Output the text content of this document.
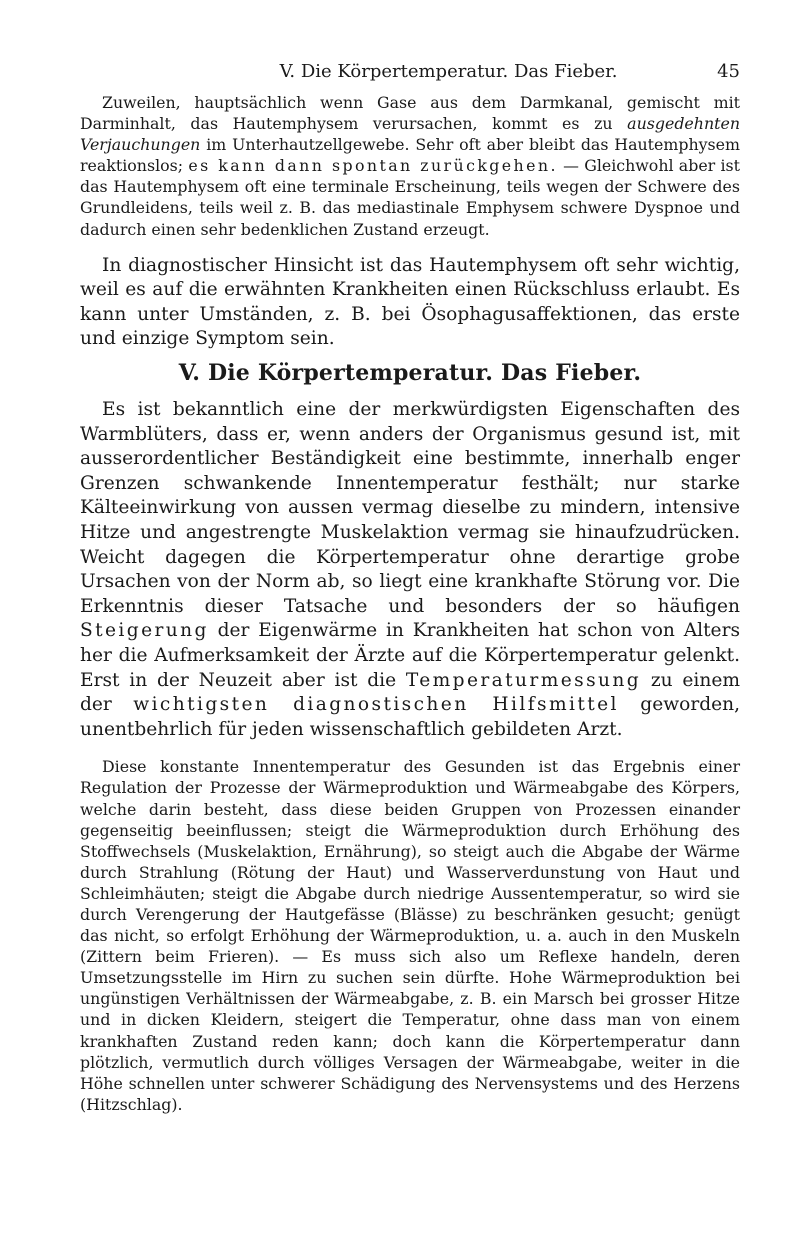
V. Die Körpertemperatur. Das Fieber.	45

Zuweilen, hauptsächlich wenn Gase aus dem Darmkanal, gemischt mit Darminhalt, das Hautemphysem verursachen, kommt es zu ausgedehnten Verjauchungen im Unterhautzellgewebe. Sehr oft aber bleibt das Hautemphysem reaktionslos; es kann dann spontan zurückgehen. — Gleichwohl aber ist das Hautemphysem oft eine terminale Erscheinung, teils wegen der Schwere des Grundleidens, teils weil z. B. das mediastinale Emphysem schwere Dyspnoe und dadurch einen sehr bedenklichen Zustand erzeugt.

In diagnostischer Hinsicht ist das Hautemphysem oft sehr wichtig, weil es auf die erwähnten Krankheiten einen Rückschluss erlaubt. Es kann unter Umständen, z. B. bei Ösophagusaffektionen, das erste und einzige Symptom sein.

V. Die Körpertemperatur. Das Fieber.

Es ist bekanntlich eine der merkwürdigsten Eigenschaften des Warmblüters, dass er, wenn anders der Organismus gesund ist, mit ausserordentlicher Beständigkeit eine bestimmte, innerhalb enger Grenzen schwankende Innentemperatur festhält; nur starke Kälteeinwirkung von aussen vermag dieselbe zu mindern, intensive Hitze und angestrengte Muskelaktion vermag sie hinaufzudrücken. Weicht dagegen die Körpertemperatur ohne derartige grobe Ursachen von der Norm ab, so liegt eine krankhafte Störung vor. Die Erkenntnis dieser Tatsache und besonders der so häufigen Steigerung der Eigenwärme in Krankheiten hat schon von Alters her die Aufmerksamkeit der Ärzte auf die Körpertemperatur gelenkt. Erst in der Neuzeit aber ist die Temperaturmessung zu einem der wichtigsten diagnostischen Hilfsmittel geworden, unentbehrlich für jeden wissenschaftlich gebildeten Arzt.

Diese konstante Innentemperatur des Gesunden ist das Ergebnis einer Regulation der Prozesse der Wärmeproduktion und Wärmeabgabe des Körpers, welche darin besteht, dass diese beiden Gruppen von Prozessen einander gegenseitig beeinflussen; steigt die Wärmeproduktion durch Erhöhung des Stoffwechsels (Muskelaktion, Ernährung), so steigt auch die Abgabe der Wärme durch Strahlung (Rötung der Haut) und Wasserverdunstung von Haut und Schleimhäuten; steigt die Abgabe durch niedrige Aussentemperatur, so wird sie durch Verengerung der Hautgefässe (Blässe) zu beschränken gesucht; genügt das nicht, so erfolgt Erhöhung der Wärmeproduktion, u. a. auch in den Muskeln (Zittern beim Frieren). — Es muss sich also um Reflexe handeln, deren Umsetzungsstelle im Hirn zu suchen sein dürfte. Hohe Wärmeproduktion bei ungünstigen Verhältnissen der Wärmeabgabe, z. B. ein Marsch bei grosser Hitze und in dicken Kleidern, steigert die Temperatur, ohne dass man von einem krankhaften Zustand reden kann; doch kann die Körpertemperatur dann plötzlich, vermutlich durch völliges Versagen der Wärmeabgabe, weiter in die Höhe schnellen unter schwerer Schädigung des Nervensystems und des Herzens (Hitzschlag).
